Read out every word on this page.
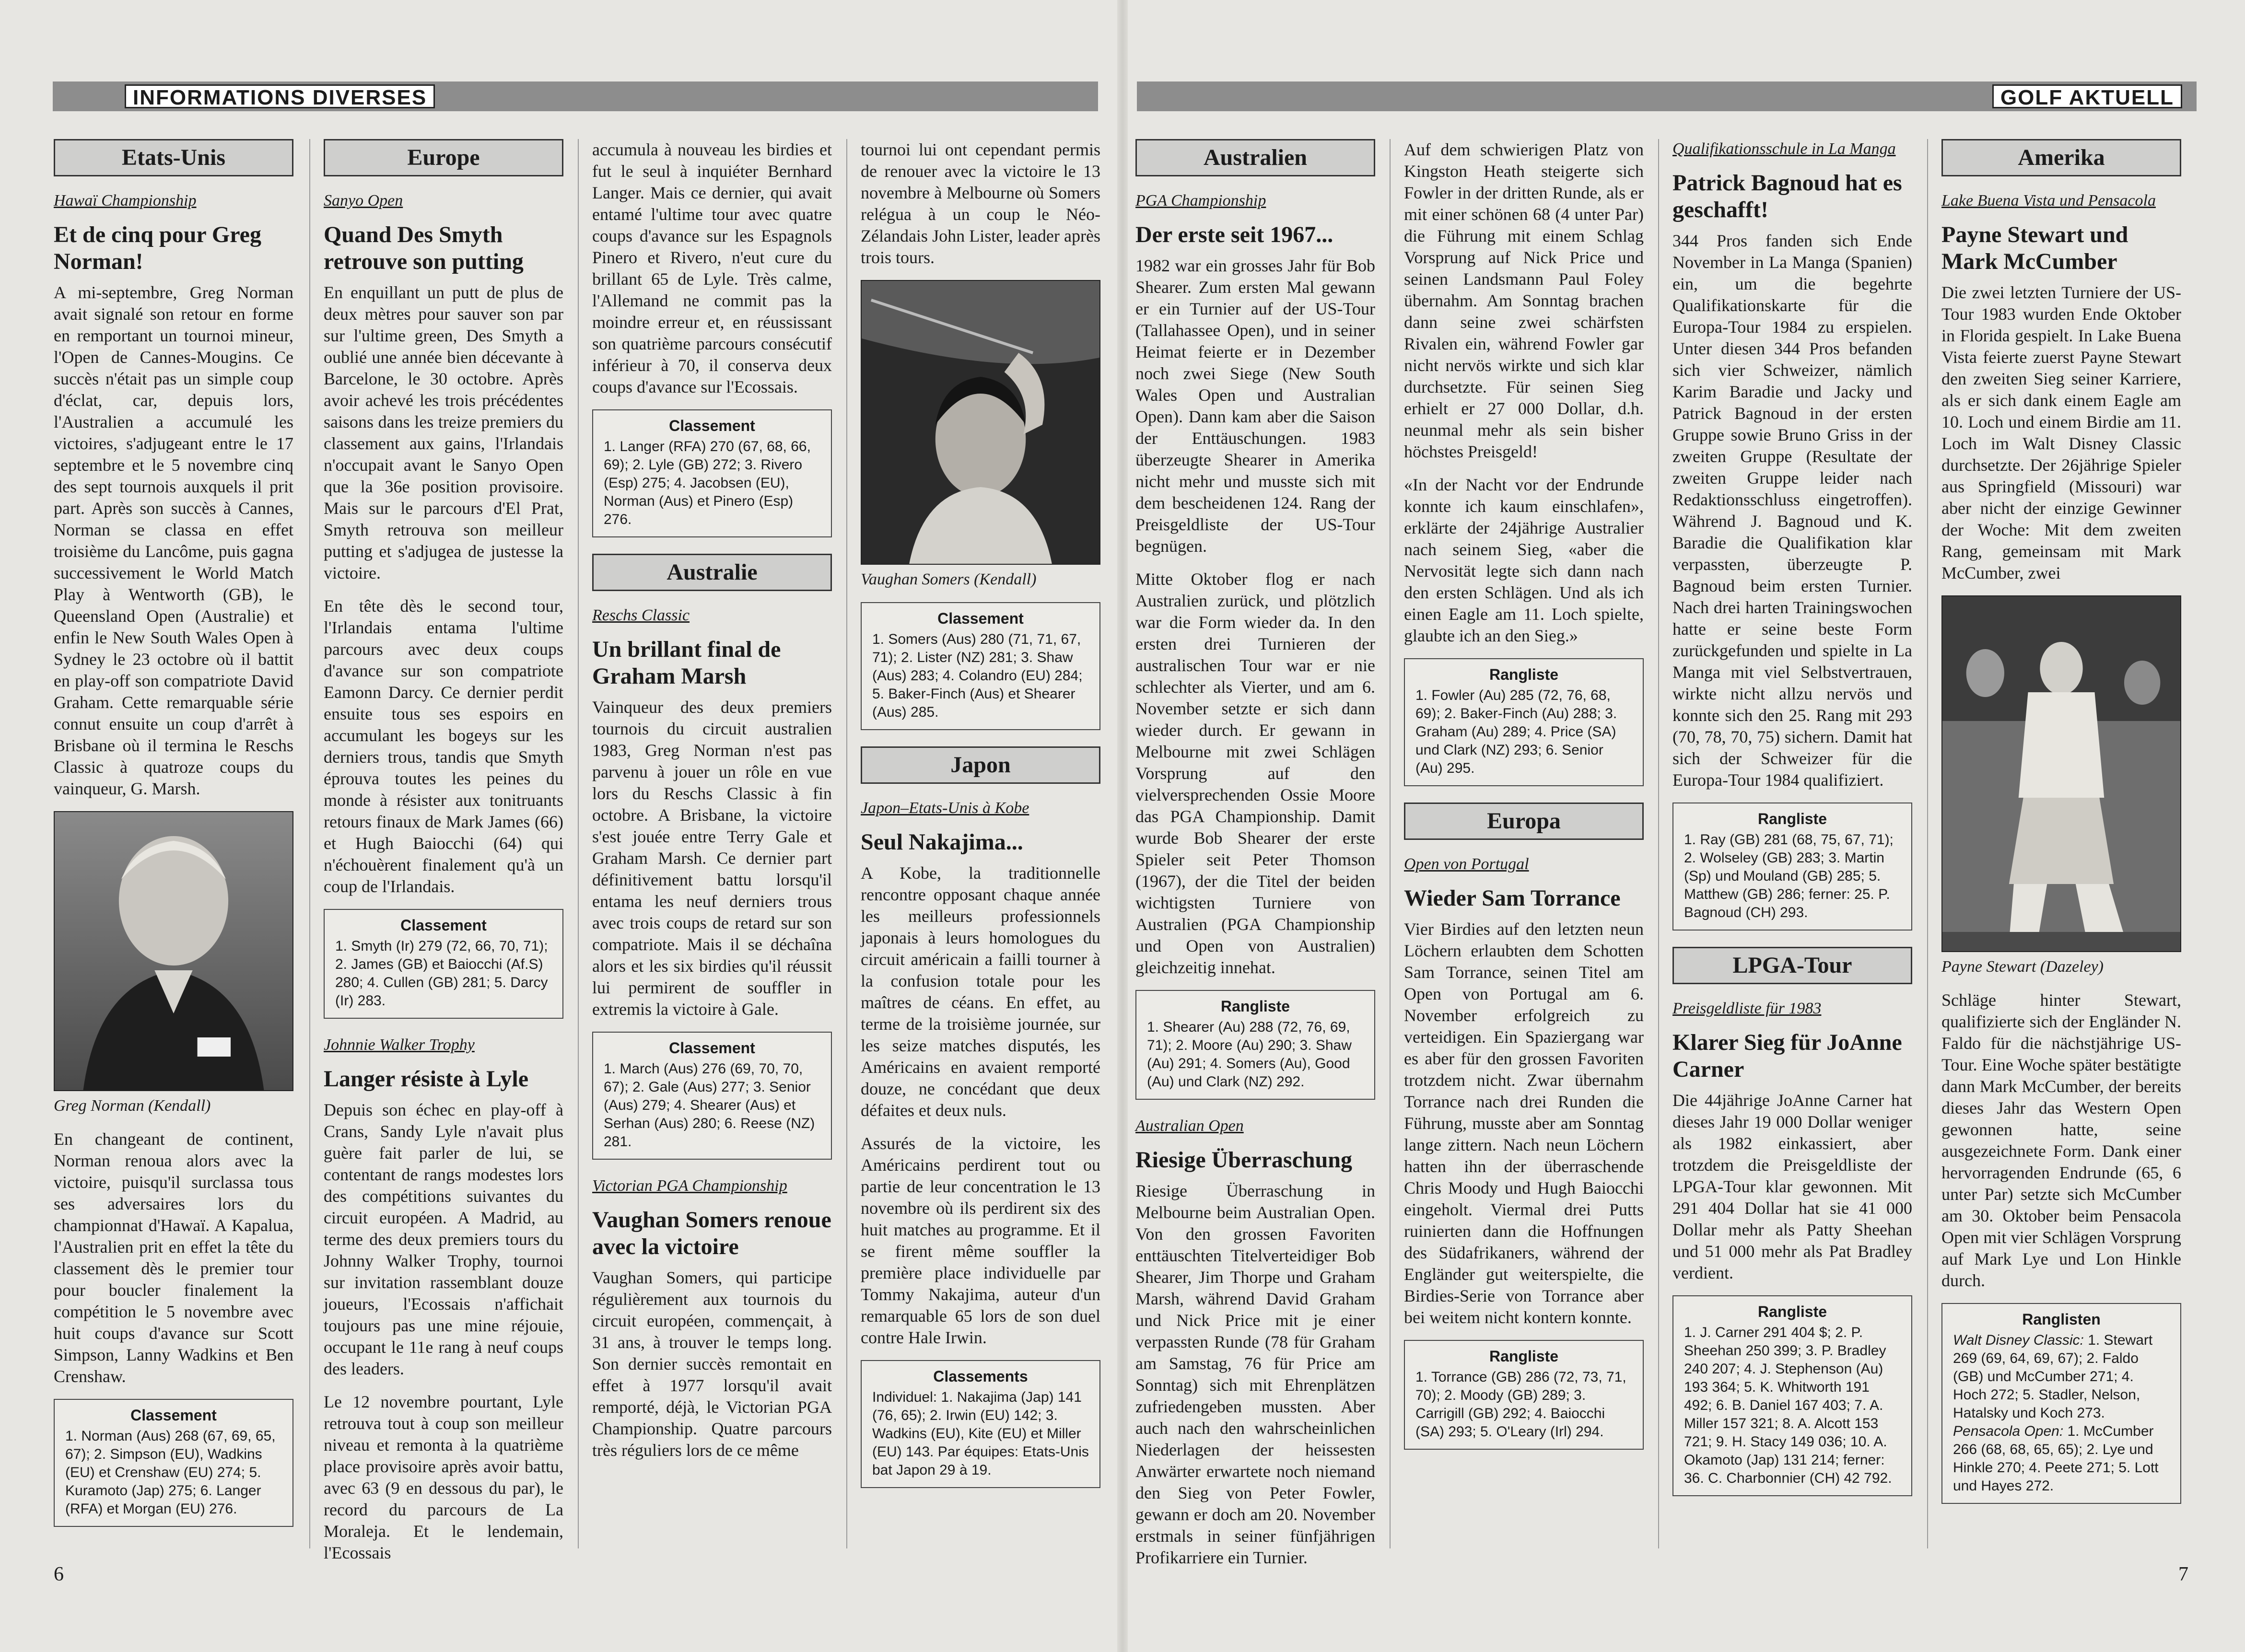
INFORMATIONS DIVERSES
Etats-Unis
Hawaï Championship
Et de cinq pour Greg Norman!
A mi-septembre, Greg Norman avait signalé son retour en forme en remportant un tournoi mineur, l'Open de Cannes-Mougins. Ce succès n'était pas un simple coup d'éclat, car, depuis lors, l'Australien a accumulé les victoires, s'adjugeant entre le 17 septembre et le 5 novembre cinq des sept tournois auxquels il prit part. Après son succès à Cannes, Norman se classa en effet troisième du Lancôme, puis gagna successivement le World Match Play à Wentworth (GB), le Queensland Open (Australie) et enfin le New South Wales Open à Sydney le 23 octobre où il battit en play-off son compatriote David Graham. Cette remarquable série connut ensuite un coup d'arrêt à Brisbane où il termina le Reschs Classic à quatroze coups du vainqueur, G. Marsh.
Greg Norman (Kendall)
En changeant de continent, Norman renoua alors avec la victoire, puisqu'il surclassa tous ses adversaires lors du championnat d'Hawaï. A Kapalua, l'Australien prit en effet la tête du classement dès le premier tour pour boucler finalement la compétition le 5 novembre avec huit coups d'avance sur Scott Simpson, Lanny Wadkins et Ben Crenshaw.
Classement
1. Norman (Aus) 268 (67, 69, 65, 67); 2. Simpson (EU), Wadkins (EU) et Crenshaw (EU) 274; 5. Kuramoto (Jap) 275; 6. Langer (RFA) et Morgan (EU) 276.
Europe
Sanyo Open
Quand Des Smyth retrouve son putting
En enquillant un putt de plus de deux mètres pour sauver son par sur l'ultime green, Des Smyth a oublié une année bien décevante à Barcelone, le 30 octobre. Après avoir achevé les trois précédentes saisons dans les treize premiers du classement aux gains, l'Irlandais n'occupait avant le Sanyo Open que la 36e position provisoire. Mais sur le parcours d'El Prat, Smyth retrouva son meilleur putting et s'adjugea de justesse la victoire.
En tête dès le second tour, l'Irlandais entama l'ultime parcours avec deux coups d'avance sur son compatriote Eamonn Darcy. Ce dernier perdit ensuite tous ses espoirs en accumulant les bogeys sur les derniers trous, tandis que Smyth éprouva toutes les peines du monde à résister aux tonitruants retours finaux de Mark James (66) et Hugh Baiocchi (64) qui n'échouèrent finalement qu'à un coup de l'Irlandais.
Classement
1. Smyth (Ir) 279 (72, 66, 70, 71); 2. James (GB) et Baiocchi (Af.S) 280; 4. Cullen (GB) 281; 5. Darcy (Ir) 283.
Johnnie Walker Trophy
Langer résiste à Lyle
Depuis son échec en play-off à Crans, Sandy Lyle n'avait plus guère fait parler de lui, se contentant de rangs modestes lors des compétitions suivantes du circuit européen. A Madrid, au terme des deux premiers tours du Johnny Walker Trophy, tournoi sur invitation rassemblant douze joueurs, l'Ecossais n'affichait toujours pas une mine réjouie, occupant le 11e rang à neuf coups des leaders.
Le 12 novembre pourtant, Lyle retrouva tout à coup son meilleur niveau et remonta à la quatrième place provisoire après avoir battu, avec 63 (9 en dessous du par), le record du parcours de La Moraleja. Et le lendemain, l'Ecossais
accumula à nouveau les birdies et fut le seul à inquiéter Bernhard Langer. Mais ce dernier, qui avait entamé l'ultime tour avec quatre coups d'avance sur les Espagnols Pinero et Rivero, n'eut cure du brillant 65 de Lyle. Très calme, l'Allemand ne commit pas la moindre erreur et, en réussissant son quatrième parcours consécutif inférieur à 70, il conserva deux coups d'avance sur l'Ecossais.
Classement
1. Langer (RFA) 270 (67, 68, 66, 69); 2. Lyle (GB) 272; 3. Rivero (Esp) 275; 4. Jacobsen (EU), Norman (Aus) et Pinero (Esp) 276.
Australie
Reschs Classic
Un brillant final de Graham Marsh
Vainqueur des deux premiers tournois du circuit australien 1983, Greg Norman n'est pas parvenu à jouer un rôle en vue lors du Reschs Classic à fin octobre. A Brisbane, la victoire s'est jouée entre Terry Gale et Graham Marsh. Ce dernier part définitivement battu lorsqu'il entama les neuf derniers trous avec trois coups de retard sur son compatriote. Mais il se déchaîna alors et les six birdies qu'il réussit lui permirent de souffler in extremis la victoire à Gale.
Classement
1. March (Aus) 276 (69, 70, 70, 67); 2. Gale (Aus) 277; 3. Senior (Aus) 279; 4. Shearer (Aus) et Serhan (Aus) 280; 6. Reese (NZ) 281.
Victorian PGA Championship
Vaughan Somers renoue avec la victoire
Vaughan Somers, qui participe régulièrement aux tournois du circuit européen, commençait, à 31 ans, à trouver le temps long. Son dernier succès remontait en effet à 1977 lorsqu'il avait remporté, déjà, le Victorian PGA Championship. Quatre parcours très réguliers lors de ce même
tournoi lui ont cependant permis de renouer avec la victoire le 13 novembre à Melbourne où Somers relégua à un coup le Néo-Zélandais John Lister, leader après trois tours.
Vaughan Somers (Kendall)
Classement
1. Somers (Aus) 280 (71, 71, 67, 71); 2. Lister (NZ) 281; 3. Shaw (Aus) 283; 4. Colandro (EU) 284; 5. Baker-Finch (Aus) et Shearer (Aus) 285.
Japon
Japon–Etats-Unis à Kobe
Seul Nakajima...
A Kobe, la traditionnelle rencontre opposant chaque année les meilleurs professionnels japonais à leurs homologues du circuit américain a failli tourner à la confusion totale pour les maîtres de céans. En effet, au terme de la troisième journée, sur les seize matches disputés, les Américains en avaient remporté douze, ne concédant que deux défaites et deux nuls.
Assurés de la victoire, les Américains perdirent tout ou partie de leur concentration le 13 novembre où ils perdirent six des huit matches au programme. Et il se firent même souffler la première place individuelle par Tommy Nakajima, auteur d'un remarquable 65 lors de son duel contre Hale Irwin.
Classements
Individuel: 1. Nakajima (Jap) 141 (76, 65); 2. Irwin (EU) 142; 3. Wadkins (EU), Kite (EU) et Miller (EU) 143. Par équipes: Etats-Unis bat Japon 29 à 19.
6
GOLF AKTUELL
Australien
PGA Championship
Der erste seit 1967...
1982 war ein grosses Jahr für Bob Shearer. Zum ersten Mal gewann er ein Turnier auf der US-Tour (Tallahassee Open), und in seiner Heimat feierte er in Dezember noch zwei Siege (New South Wales Open und Australian Open). Dann kam aber die Saison der Enttäuschungen. 1983 überzeugte Shearer in Amerika nicht mehr und musste sich mit dem bescheidenen 124. Rang der Preisgeldliste der US-Tour begnügen.
Mitte Oktober flog er nach Australien zurück, und plötzlich war die Form wieder da. In den ersten drei Turnieren der australischen Tour war er nie schlechter als Vierter, und am 6. November setzte er sich dann wieder durch. Er gewann in Melbourne mit zwei Schlägen Vorsprung auf den vielversprechenden Ossie Moore das PGA Championship. Damit wurde Bob Shearer der erste Spieler seit Peter Thomson (1967), der die Titel der beiden wichtigsten Turniere von Australien (PGA Championship und Open von Australien) gleichzeitig innehat.
Rangliste
1. Shearer (Au) 288 (72, 76, 69, 71); 2. Moore (Au) 290; 3. Shaw (Au) 291; 4. Somers (Au), Good (Au) und Clark (NZ) 292.
Australian Open
Riesige Überraschung
Riesige Überraschung in Melbourne beim Australian Open. Von den grossen Favoriten enttäuschten Titelverteidiger Bob Shearer, Jim Thorpe und Graham Marsh, während David Graham und Nick Price mit je einer verpassten Runde (78 für Graham am Samstag, 76 für Price am Sonntag) sich mit Ehrenplätzen zufriedengeben mussten. Aber auch nach den wahrscheinlichen Niederlagen der heissesten Anwärter erwartete noch niemand den Sieg von Peter Fowler, gewann er doch am 20. November erstmals in seiner fünfjährigen Profikarriere ein Turnier.
Auf dem schwierigen Platz von Kingston Heath steigerte sich Fowler in der dritten Runde, als er mit einer schönen 68 (4 unter Par) die Führung mit einem Schlag Vorsprung auf Nick Price und seinen Landsmann Paul Foley übernahm. Am Sonntag brachen dann seine zwei schärfsten Rivalen ein, während Fowler gar nicht nervös wirkte und sich klar durchsetzte. Für seinen Sieg erhielt er 27 000 Dollar, d.h. neunmal mehr als sein bisher höchstes Preisgeld!
«In der Nacht vor der Endrunde konnte ich kaum einschlafen», erklärte der 24jährige Australier nach seinem Sieg, «aber die Nervosität legte sich dann nach den ersten Schlägen. Und als ich einen Eagle am 11. Loch spielte, glaubte ich an den Sieg.»
Rangliste
1. Fowler (Au) 285 (72, 76, 68, 69); 2. Baker-Finch (Au) 288; 3. Graham (Au) 289; 4. Price (SA) und Clark (NZ) 293; 6. Senior (Au) 295.
Europa
Open von Portugal
Wieder Sam Torrance
Vier Birdies auf den letzten neun Löchern erlaubten dem Schotten Sam Torrance, seinen Titel am Open von Portugal am 6. November erfolgreich zu verteidigen. Ein Spaziergang war es aber für den grossen Favoriten trotzdem nicht. Zwar übernahm Torrance nach drei Runden die Führung, musste aber am Sonntag lange zittern. Nach neun Löchern hatten ihn der überraschende Chris Moody und Hugh Baiocchi eingeholt. Viermal drei Putts ruinierten dann die Hoffnungen des Südafrikaners, während der Engländer gut weiterspielte, die Birdies-Serie von Torrance aber bei weitem nicht kontern konnte.
Rangliste
1. Torrance (GB) 286 (72, 73, 71, 70); 2. Moody (GB) 289; 3. Carrigill (GB) 292; 4. Baiocchi (SA) 293; 5. O'Leary (Irl) 294.
Qualifikationsschule in La Manga
Patrick Bagnoud hat es geschafft!
344 Pros fanden sich Ende November in La Manga (Spanien) ein, um die begehrte Qualifikationskarte für die Europa-Tour 1984 zu erspielen. Unter diesen 344 Pros befanden sich vier Schweizer, nämlich Karim Baradie und Jacky und Patrick Bagnoud in der ersten Gruppe sowie Bruno Griss in der zweiten Gruppe (Resultate der zweiten Gruppe leider nach Redaktionsschluss eingetroffen). Während J. Bagnoud und K. Baradie die Qualifikation klar verpassten, überzeugte P. Bagnoud beim ersten Turnier. Nach drei harten Trainingswochen hatte er seine beste Form zurückgefunden und spielte in La Manga mit viel Selbstvertrauen, wirkte nicht allzu nervös und konnte sich den 25. Rang mit 293 (70, 78, 70, 75) sichern. Damit hat sich der Schweizer für die Europa-Tour 1984 qualifiziert.
Rangliste
1. Ray (GB) 281 (68, 75, 67, 71); 2. Wolseley (GB) 283; 3. Martin (Sp) und Mouland (GB) 285; 5. Matthew (GB) 286; ferner: 25. P. Bagnoud (CH) 293.
LPGA-Tour
Preisgeldliste für 1983
Klarer Sieg für JoAnne Carner
Die 44jährige JoAnne Carner hat dieses Jahr 19 000 Dollar weniger als 1982 einkassiert, aber trotzdem die Preisgeldliste der LPGA-Tour klar gewonnen. Mit 291 404 Dollar hat sie 41 000 Dollar mehr als Patty Sheehan und 51 000 mehr als Pat Bradley verdient.
Rangliste
1. J. Carner 291 404 $; 2. P. Sheehan 250 399; 3. P. Bradley 240 207; 4. J. Stephenson (Au) 193 364; 5. K. Whitworth 191 492; 6. B. Daniel 167 403; 7. A. Miller 157 321; 8. A. Alcott 153 721; 9. H. Stacy 149 036; 10. A. Okamoto (Jap) 131 214; ferner: 36. C. Charbonnier (CH) 42 792.
Amerika
Lake Buena Vista und Pensacola
Payne Stewart und Mark McCumber
Die zwei letzten Turniere der US-Tour 1983 wurden Ende Oktober in Florida gespielt. In Lake Buena Vista feierte zuerst Payne Stewart den zweiten Sieg seiner Karriere, als er sich dank einem Eagle am 10. Loch und einem Birdie am 11. Loch im Walt Disney Classic durchsetzte. Der 26jährige Spieler aus Springfield (Missouri) war aber nicht der einzige Gewinner der Woche: Mit dem zweiten Rang, gemeinsam mit Mark McCumber, zwei
Payne Stewart (Dazeley)
Schläge hinter Stewart, qualifizierte sich der Engländer N. Faldo für die nächstjährige US-Tour. Eine Woche später bestätigte dann Mark McCumber, der bereits dieses Jahr das Western Open gewonnen hatte, seine ausgezeichnete Form. Dank einer hervorragenden Endrunde (65, 6 unter Par) setzte sich McCumber am 30. Oktober beim Pensacola Open mit vier Schlägen Vorsprung auf Mark Lye und Lon Hinkle durch.
Ranglisten
Walt Disney Classic: 1. Stewart 269 (69, 64, 69, 67); 2. Faldo (GB) und McCumber 271; 4. Hoch 272; 5. Stadler, Nelson, Hatalsky und Koch 273. Pensacola Open: 1. McCumber 266 (68, 68, 65, 65); 2. Lye und Hinkle 270; 4. Peete 271; 5. Lott und Hayes 272.
7
